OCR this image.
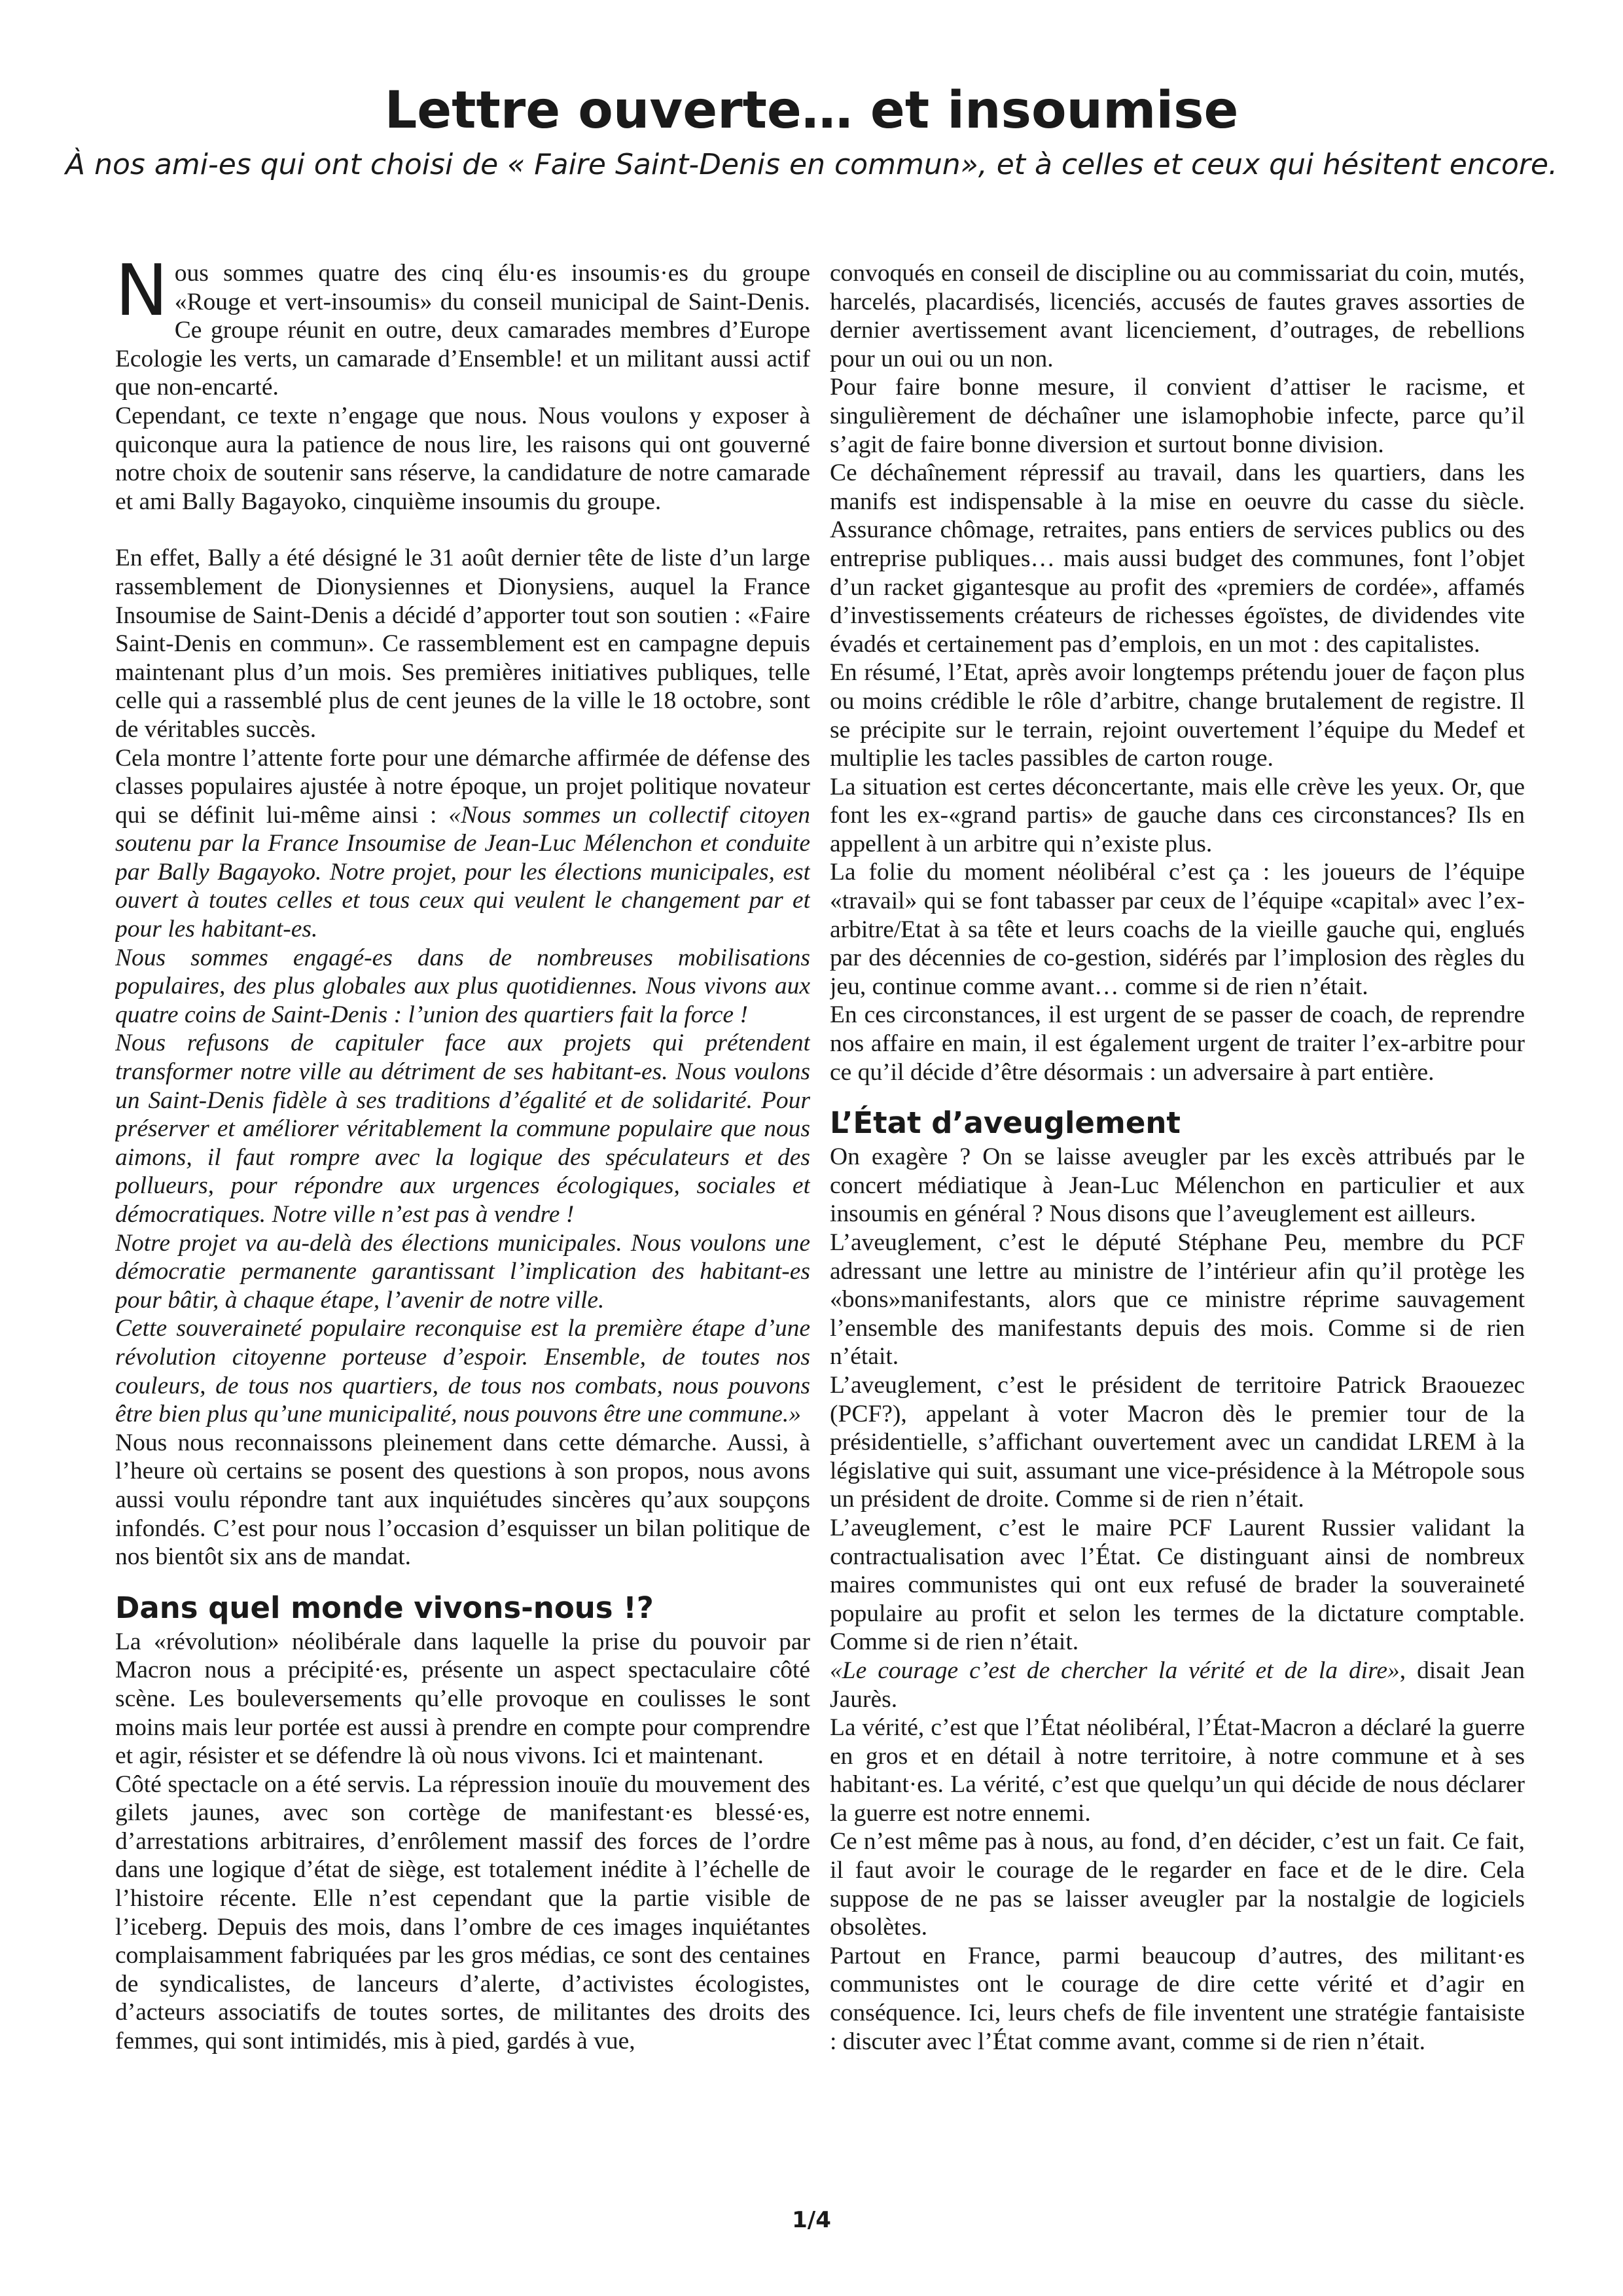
Lettre ouverte… et insoumise

À nos ami-es qui ont choisi de « Faire Saint-Denis en commun», et à celles et ceux qui hésitent encore.

Nous sommes quatre des cinq élu·es insoumis·es du groupe «Rouge et vert-insoumis» du conseil municipal de Saint-Denis. Ce groupe réunit en outre, deux camarades membres d’Europe Ecologie les verts, un camarade d’Ensemble! et un militant aussi actif que non-encarté.

Cependant, ce texte n’engage que nous. Nous voulons y exposer à quiconque aura la patience de nous lire, les raisons qui ont gouverné notre choix de soutenir sans réserve, la candidature de notre camarade et ami Bally Bagayoko, cinquième insoumis du groupe.

En effet, Bally a été désigné le 31 août dernier tête de liste d’un large rassemblement de Dionysiennes et Dionysiens, auquel la France Insoumise de Saint-Denis a décidé d’apporter tout son soutien : «Faire Saint-Denis en commun». Ce rassemblement est en campagne depuis maintenant plus d’un mois. Ses premières initiatives publiques, telle celle qui a rassemblé plus de cent jeunes de la ville le 18 octobre, sont de véritables succès.

Cela montre l’attente forte pour une démarche affirmée de défense des classes populaires ajustée à notre époque, un projet politique novateur qui se définit lui-même ainsi : «Nous sommes un collectif citoyen soutenu par la France Insoumise de Jean-Luc Mélenchon et conduite par Bally Bagayoko. Notre projet, pour les élections municipales, est ouvert à toutes celles et tous ceux qui veulent le changement par et pour les habitant-es.

Nous sommes engagé-es dans de nombreuses mobilisations populaires, des plus globales aux plus quotidiennes. Nous vivons aux quatre coins de Saint-Denis : l’union des quartiers fait la force !

Nous refusons de capituler face aux projets qui prétendent transformer notre ville au détriment de ses habitant-es. Nous voulons un Saint-Denis fidèle à ses traditions d’égalité et de solidarité. Pour préserver et améliorer véritablement la commune populaire que nous aimons, il faut rompre avec la logique des spéculateurs et des pollueurs, pour répondre aux urgences écologiques, sociales et démocratiques. Notre ville n’est pas à vendre !

Notre projet va au-delà des élections municipales. Nous voulons une démocratie permanente garantissant l’implication des habitant-es pour bâtir, à chaque étape, l’avenir de notre ville.

Cette souveraineté populaire reconquise est la première étape d’une révolution citoyenne porteuse d’espoir. Ensemble, de toutes nos couleurs, de tous nos quartiers, de tous nos combats, nous pouvons être bien plus qu’une municipalité, nous pouvons être une commune.»

Nous nous reconnaissons pleinement dans cette démarche. Aussi, à l’heure où certains se posent des questions à son propos, nous avons aussi voulu répondre tant aux inquiétudes sincères qu’aux soupçons infondés. C’est pour nous l’occasion d’esquisser un bilan politique de nos bientôt six ans de mandat.

Dans quel monde vivons-nous !?

La «révolution» néolibérale dans laquelle la prise du pouvoir par Macron nous a précipité·es, présente un aspect spectaculaire côté scène. Les bouleversements qu’elle provoque en coulisses le sont moins mais leur portée est aussi à prendre en compte pour comprendre et agir, résister et se défendre là où nous vivons. Ici et maintenant.

Côté spectacle on a été servis. La répression inouïe du mouvement des gilets jaunes, avec son cortège de manifestant·es blessé·es, d’arrestations arbitraires, d’enrôlement massif des forces de l’ordre dans une logique d’état de siège, est totalement inédite à l’échelle de l’histoire récente. Elle n’est cependant que la partie visible de l’iceberg. Depuis des mois, dans l’ombre de ces images inquiétantes complaisamment fabriquées par les gros médias, ce sont des centaines de syndicalistes, de lanceurs d’alerte, d’activistes écologistes, d’acteurs associatifs de toutes sortes, de militantes des droits des femmes, qui sont intimidés, mis à pied, gardés à vue,

convoqués en conseil de discipline ou au commissariat du coin, mutés, harcelés, placardisés, licenciés, accusés de fautes graves assorties de dernier avertissement avant licenciement, d’outrages, de rebellions pour un oui ou un non.

Pour faire bonne mesure, il convient d’attiser le racisme, et singulièrement de déchaîner une islamophobie infecte, parce qu’il s’agit de faire bonne diversion et surtout bonne division.

Ce déchaînement répressif au travail, dans les quartiers, dans les manifs est indispensable à la mise en oeuvre du casse du siècle. Assurance chômage, retraites, pans entiers de services publics ou des entreprise publiques… mais aussi budget des communes, font l’objet d’un racket gigantesque au profit des «premiers de cordée», affamés d’investissements créateurs de richesses égoïstes, de dividendes vite évadés et certainement pas d’emplois, en un mot : des capitalistes.

En résumé, l’Etat, après avoir longtemps prétendu jouer de façon plus ou moins crédible le rôle d’arbitre, change brutalement de registre. Il se précipite sur le terrain, rejoint ouvertement l’équipe du Medef et multiplie les tacles passibles de carton rouge.

La situation est certes déconcertante, mais elle crève les yeux. Or, que font les ex-«grand partis» de gauche dans ces circonstances? Ils en appellent à un arbitre qui n’existe plus.

La folie du moment néolibéral c’est ça : les joueurs de l’équipe «travail» qui se font tabasser par ceux de l’équipe «capital» avec l’ex-arbitre/Etat à sa tête et leurs coachs de la vieille gauche qui, englués par des décennies de co-gestion, sidérés par l’implosion des règles du jeu, continue comme avant… comme si de rien n’était.

En ces circonstances, il est urgent de se passer de coach, de reprendre nos affaire en main, il est également urgent de traiter l’ex-arbitre pour ce qu’il décide d’être désormais : un adversaire à part entière.

L’État d’aveuglement

On exagère ? On se laisse aveugler par les excès attribués par le concert médiatique à Jean-Luc Mélenchon en particulier et aux insoumis en général ? Nous disons que l’aveuglement est ailleurs.

L’aveuglement, c’est le député Stéphane Peu, membre du PCF adressant une lettre au ministre de l’intérieur afin qu’il protège les «bons»manifestants, alors que ce ministre réprime sauvagement l’ensemble des manifestants depuis des mois. Comme si de rien n’était.

L’aveuglement, c’est le président de territoire Patrick Braouezec (PCF?), appelant à voter Macron dès le premier tour de la présidentielle, s’affichant ouvertement avec un candidat LREM à la législative qui suit, assumant une vice-présidence à la Métropole sous un président de droite. Comme si de rien n’était.

L’aveuglement, c’est le maire PCF Laurent Russier validant la contractualisation avec l’État. Ce distinguant ainsi de nombreux maires communistes qui ont eux refusé de brader la souveraineté populaire au profit et selon les termes de la dictature comptable. Comme si de rien n’était.

«Le courage c’est de chercher la vérité et de la dire», disait Jean Jaurès.

La vérité, c’est que l’État néolibéral, l’État-Macron a déclaré la guerre en gros et en détail à notre territoire, à notre commune et à ses habitant·es. La vérité, c’est que quelqu’un qui décide de nous déclarer la guerre est notre ennemi.

Ce n’est même pas à nous, au fond, d’en décider, c’est un fait. Ce fait, il faut avoir le courage de le regarder en face et de le dire. Cela suppose de ne pas se laisser aveugler par la nostalgie de logiciels obsolètes.

Partout en France, parmi beaucoup d’autres, des militant·es communistes ont le courage de dire cette vérité et d’agir en conséquence. Ici, leurs chefs de file inventent une stratégie fantaisiste : discuter avec l’État comme avant, comme si de rien n’était.

1/4
